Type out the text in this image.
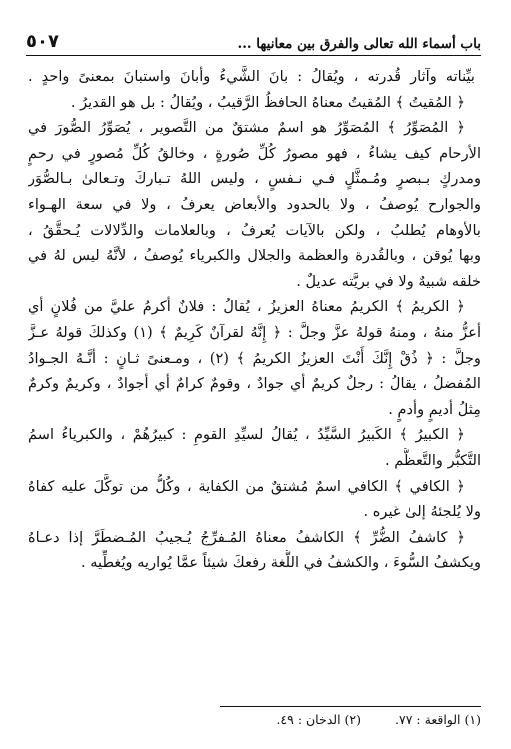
باب أسماء الله تعالى والفرق بين معانيها ...
٥٠٧
بيِّناته وآثار قُدرته ، ويُقالُ : بانَ الشَّيءُ وأبانَ واستبانَ بمعنىً واحدٍ .
﴿ المُقيتُ ﴾ المُقيتُ معناهُ الحافظُ الرَّقيبُ ، ويُقالُ : بل هو القديرُ .
﴿ المُصَوِّرُ ﴾ المُصَوِّرُ هو اسمٌ مشتقٌ من التَّصوير ، يُصَوِّرُ الصُّورَ في
الأرحام كيف يشاءُ ، فهو مصورُ كُلِّ صُورةٍ ، وخالقُ كُلِّ مُصورٍ في رحمٍ
ومدركٍ بـبصرٍ ومُـمثَّلٍ فـي نـفسٍ ، وليس اللهُ تـباركَ وتـعالىٰ بـالصُّوَر
والجوارح يُوصفُ ، ولا بالحدود والأبعاض يعرفُ ، ولا في سعة الهـواء
بالأوهام يُطلبُ ، ولكن بالآيات يُعرفُ ، وبالعلامات والدِّلالات يُـحقَّقُ ،
وبها يُوقن ، وبالقُدرة والعظمة والجلال والكبرياء يُوصفُ ، لأنَّهُ ليس لهُ في
خلقه شبيهٌ ولا في بريَّته عديلٌ .
﴿ الكريمُ ﴾ الكريمُ معناهُ العزيزُ ، يُقالُ : فلانٌ أكرمُ عليَّ من فُلانٍ أي
أعزُّ منهُ ، ومنهُ قولهُ عزَّ وجلَّ : ﴿ إِنَّهُ لقرآنٌ كَرِيمٌ ﴾ (١) وكذلكَ قولهُ عـزَّ
وجلَّ : ﴿ ذُقْ إِنَّكَ أَنْتَ العزيزُ الكريمُ ﴾ (٢) ، ومـعنىً ثـانٍ : أنَّـهُ الجـوادُ
المُفضلُ ، يقالُ : رجلٌ كريمٌ أي جوادٌ ، وقومٌ كرامٌ أي أجوادٌ ، وكريمٌ وكرمٌ
مِثلُ أديمٍ وأدمٍ .
﴿ الكبيرُ ﴾ الكَبيرُ السَّيِّدُ ، يُقالُ لسيِّدِ القومِ : كبيرُهُمْ ، والكبرياءُ اسمُ
التَّكبُّر والتَّعظُّم .
﴿ الكافي ﴾ الكافي اسمٌ مُشتقٌ من الكفاية ، وكُلُّ من توكَّلَ عليه كفاهُ
ولا يُلجئهُ إلىٰ غيره .
﴿ كاشفُ الضُّرِّ ﴾ الكاشفُ معناهُ المُـفرِّجُ يُـجيبُ المُـضطَرَّ إذا دعـاهُ
ويكشفُ السُّوءَ ، والكشفُ في اللُّغة رفعكَ شيئاً عمَّا يُواريه ويُغطِّيه .
(١) الواقعة : ٧٧.
(٢) الدخان : ٤٩.
